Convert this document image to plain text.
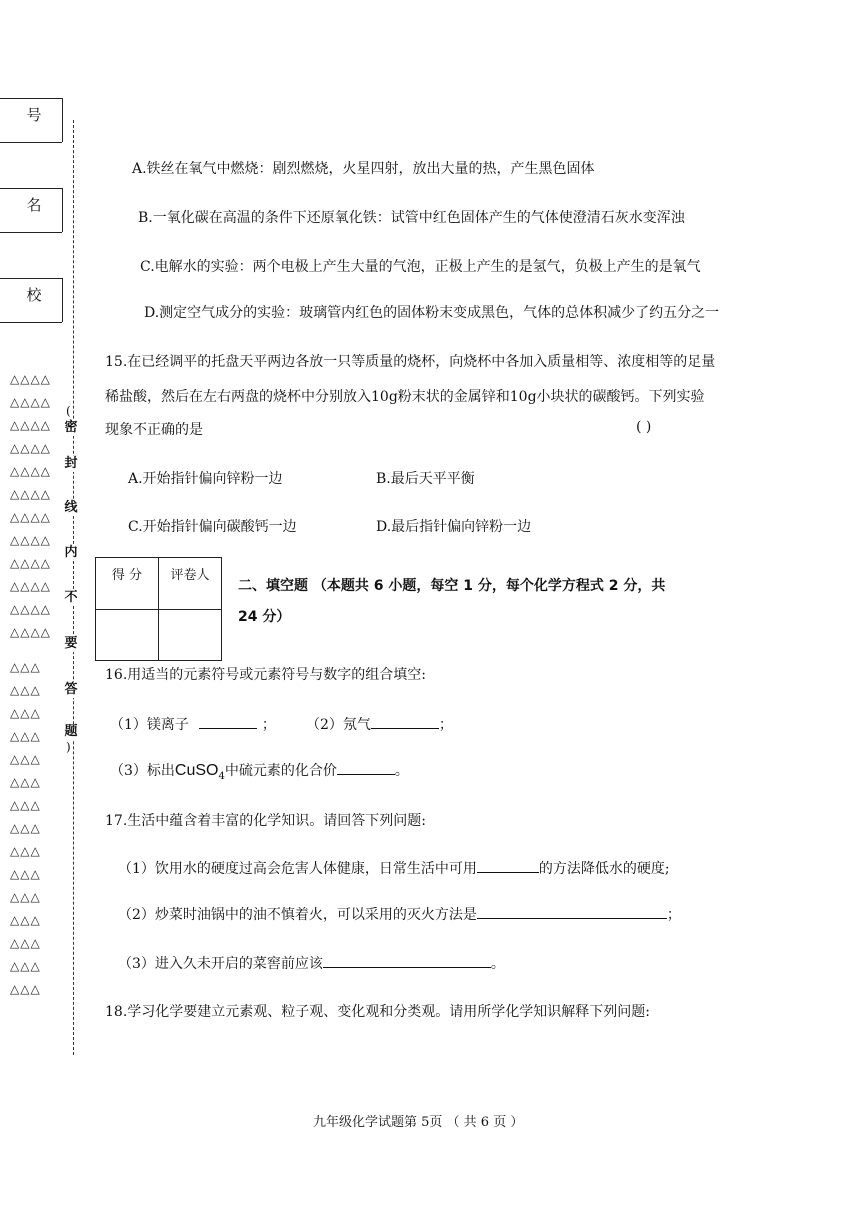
号
名
校
△△△△
△△△△
△△△△
△△△△
△△△△
△△△△
△△△△
△△△△
△△△△
△△△△
△△△△
△△△△
△△△
△△△
△△△
△△△
△△△
△△△
△△△
△△△
△△△
△△△
△△△
△△△
△△△
△△△
△△△
(
密
封
线
内
不
要
答
题
)
A.铁丝在氧气中燃烧：剧烈燃烧，火星四射，放出大量的热，产生黑色固体
B.一氧化碳在高温的条件下还原氧化铁：试管中红色固体产生的气体使澄清石灰水变浑浊
C.电解水的实验：两个电极上产生大量的气泡，正极上产生的是氢气，负极上产生的是氧气
D.测定空气成分的实验：玻璃管内红色的固体粉末变成黑色，气体的总体积减少了约五分之一
15.在已经调平的托盘天平两边各放一只等质量的烧杯，向烧杯中各加入质量相等、浓度相等的足量
稀盐酸，然后在左右两盘的烧杯中分别放入10g粉末状的金属锌和10g小块状的碳酸钙。下列实验
现象不正确的是	( )
A.开始指针偏向锌粉一边	B.最后天平平衡
C.开始指针偏向碳酸钙一边	D.最后指针偏向锌粉一边
得 分	评卷人

二、填空题 （本题共 6 小题，每空 1 分，每个化学方程式 2 分，共
24 分）
16.用适当的元素符号或元素符号与数字的组合填空:
（1）镁离子	； （2）氖气	；
（3）标出CuSO$_4$中硫元素的化合价	。
17.生活中蕴含着丰富的化学知识。请回答下列问题:
（1）饮用水的硬度过高会危害人体健康，日常生活中可用	的方法降低水的硬度;
（2）炒菜时油锅中的油不慎着火，可以采用的灭火方法是	；
（3）进入久未开启的菜窖前应该	。
18.学习化学要建立元素观、粒子观、变化观和分类观。请用所学化学知识解释下列问题:
九年级化学试题第 5页 （ 共 6 页 ）
